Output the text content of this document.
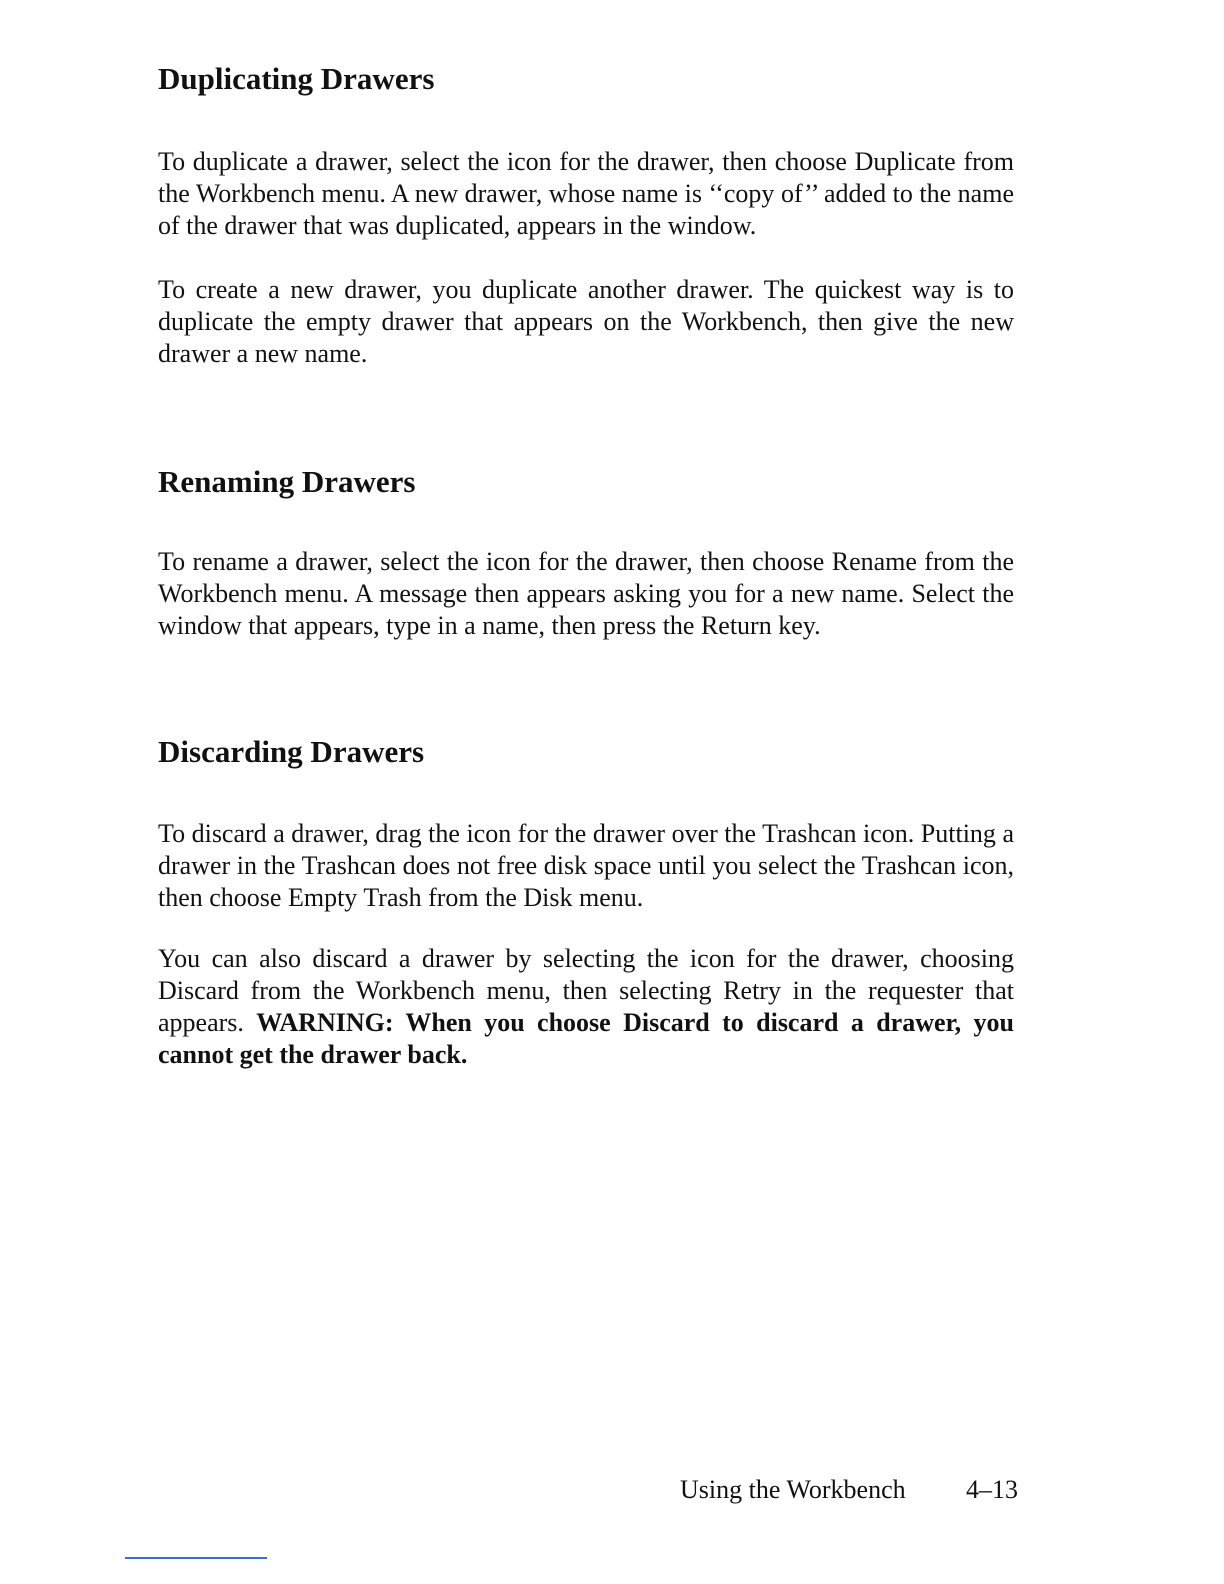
Duplicating Drawers

To duplicate a drawer, select the icon for the drawer, then choose Duplicate from the Workbench menu. A new drawer, whose name is ‘‘copy of’’ added to the name of the drawer that was duplicated, appears in the window.

To create a new drawer, you duplicate another drawer. The quickest way is to duplicate the empty drawer that appears on the Workbench, then give the new drawer a new name.

Renaming Drawers

To rename a drawer, select the icon for the drawer, then choose Rename from the Workbench menu. A message then appears asking you for a new name. Select the window that appears, type in a name, then press the Return key.

Discarding Drawers

To discard a drawer, drag the icon for the drawer over the Trashcan icon. Putting a drawer in the Trashcan does not free disk space until you select the Trashcan icon, then choose Empty Trash from the Disk menu.

You can also discard a drawer by selecting the icon for the drawer, choosing Discard from the Workbench menu, then selecting Retry in the requester that appears. WARNING: When you choose Discard to discard a drawer, you cannot get the drawer back.

Using the Workbench 4–13
